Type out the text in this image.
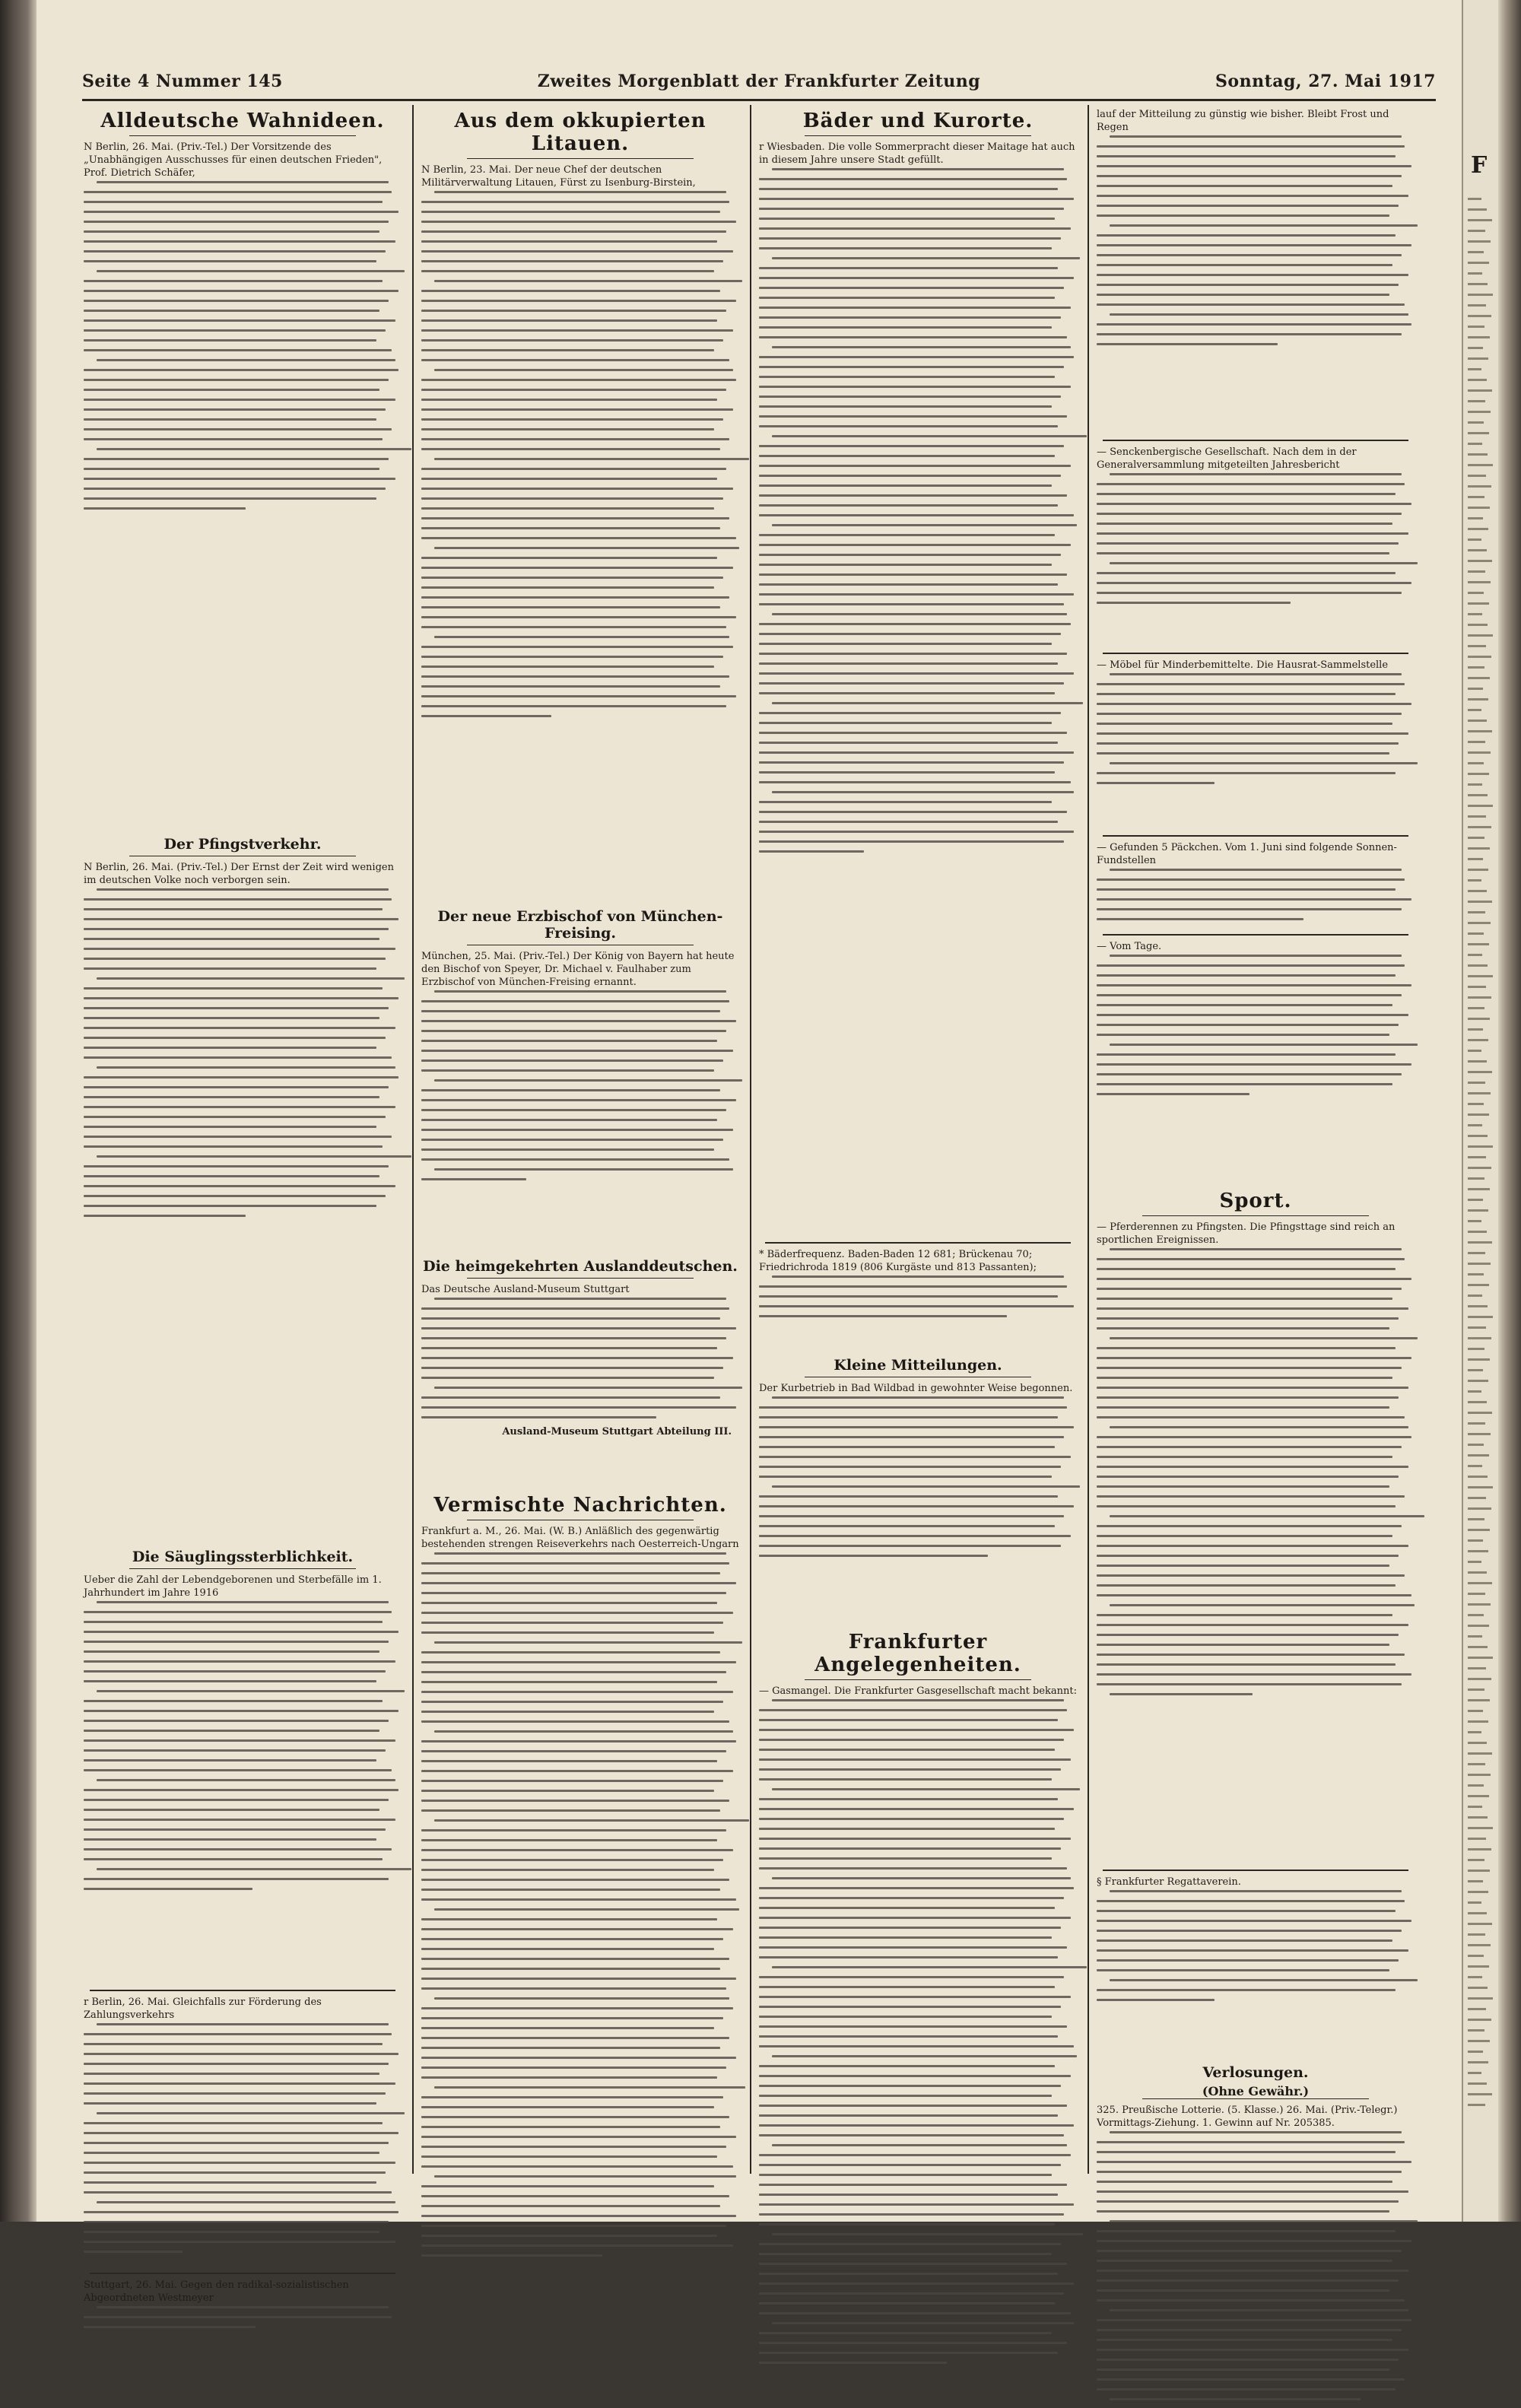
Seite 4 Nummer 145	Zweites Morgenblatt der Frankfurter Zeitung	Sonntag, 27. Mai 1917
Alldeutsche Wahnideen.
N Berlin, 26. Mai. (Priv.-Tel.) Der Vorsitzende des „Unabhängigen Ausschusses für einen deutschen Frieden", Prof. Dietrich Schäfer,
Der Pfingstverkehr.
N Berlin, 26. Mai. (Priv.-Tel.) Der Ernst der Zeit wird wenigen im deutschen Volke noch verborgen sein.
Die Säuglingssterblichkeit.
Ueber die Zahl der Lebendgeborenen und Sterbefälle im 1. Jahrhundert im Jahre 1916
r Berlin, 26. Mai. Gleichfalls zur Förderung des Zahlungsverkehrs
Stuttgart, 26. Mai. Gegen den radikal-sozialistischen Abgeordneten Westmeyer
Aus dem okkupierten Litauen.
N Berlin, 23. Mai. Der neue Chef der deutschen Militärverwaltung Litauen, Fürst zu Isenburg-Birstein,
Der neue Erzbischof von München-Freising.
München, 25. Mai. (Priv.-Tel.) Der König von Bayern hat heute den Bischof von Speyer, Dr. Michael v. Faulhaber zum Erzbischof von München-Freising ernannt.
Die heimgekehrten Auslanddeutschen.
Das Deutsche Ausland-Museum Stuttgart
Ausland-Museum Stuttgart Abteilung III.
Vermischte Nachrichten.
Frankfurt a. M., 26. Mai. (W. B.) Anläßlich des gegenwärtig bestehenden strengen Reiseverkehrs nach Oesterreich-Ungarn
Bäder und Kurorte.
r Wiesbaden. Die volle Sommerpracht dieser Maitage hat auch in diesem Jahre unsere Stadt gefüllt.
* Bäderfrequenz. Baden-Baden 12 681; Brückenau 70; Friedrichroda 1819 (806 Kurgäste und 813 Passanten);
Kleine Mitteilungen.
Der Kurbetrieb in Bad Wildbad in gewohnter Weise begonnen.
Frankfurter Angelegenheiten.
— Gasmangel. Die Frankfurter Gasgesellschaft macht bekannt:
lauf der Mitteilung zu günstig wie bisher. Bleibt Frost und Regen
— Senckenbergische Gesellschaft. Nach dem in der Generalversammlung mitgeteilten Jahresbericht
— Möbel für Minderbemittelte. Die Hausrat-Sammelstelle
— Gefunden 5 Päckchen. Vom 1. Juni sind folgende Sonnen- Fundstellen
— Vom Tage.
Sport.
— Pferderennen zu Pfingsten. Die Pfingsttage sind reich an sportlichen Ereignissen.
§ Frankfurter Regattaverein.
Verlosungen.
(Ohne Gewähr.)
325. Preußische Lotterie. (5. Klasse.) 26. Mai. (Priv.-Telegr.) Vormittags-Ziehung. 1. Gewinn auf Nr. 205385.
F
